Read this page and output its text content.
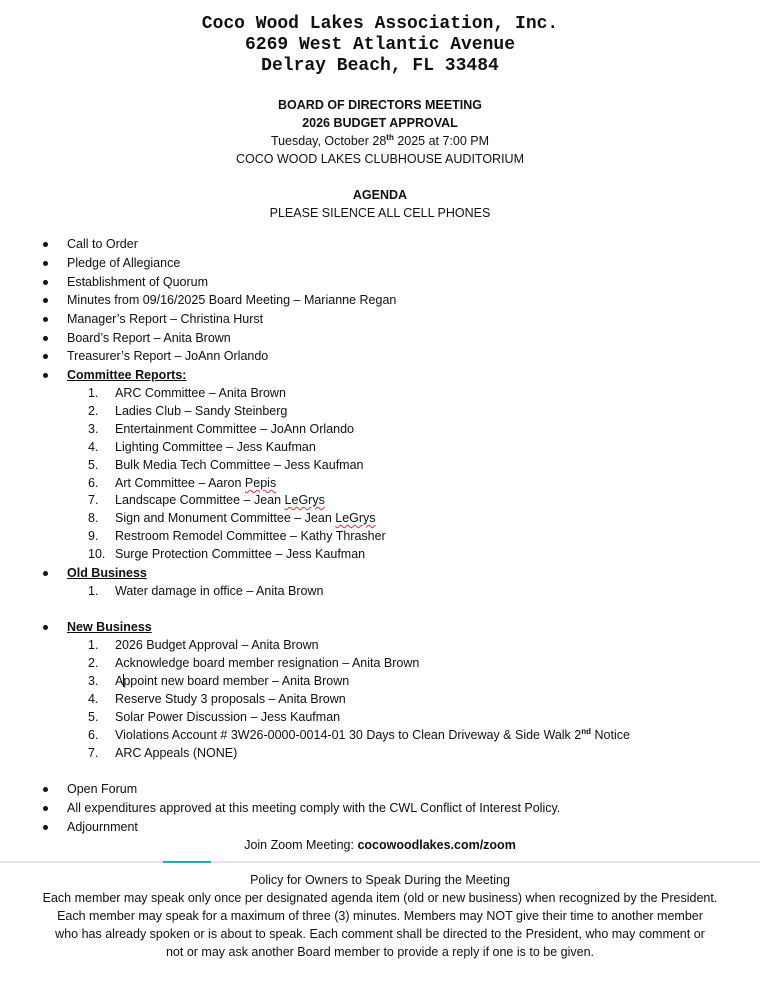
Coco Wood Lakes Association, Inc.
6269 West Atlantic Avenue
Delray Beach, FL 33484
BOARD OF DIRECTORS MEETING
2026 BUDGET APPROVAL
Tuesday, October 28th 2025 at 7:00 PM
COCO WOOD LAKES CLUBHOUSE AUDITORIUM
AGENDA
PLEASE SILENCE ALL CELL PHONES
Call to Order
Pledge of Allegiance
Establishment of Quorum
Minutes from 09/16/2025 Board Meeting – Marianne Regan
Manager’s Report – Christina Hurst
Board’s Report – Anita Brown
Treasurer’s Report – JoAnn Orlando
Committee Reports:
1.	ARC Committee – Anita Brown
2.	Ladies Club – Sandy Steinberg
3.	Entertainment Committee – JoAnn Orlando
4.	Lighting Committee – Jess Kaufman
5.	Bulk Media Tech Committee – Jess Kaufman
6.	Art Committee – Aaron Pepis
7.	Landscape Committee – Jean LeGrys
8.	Sign and Monument Committee – Jean LeGrys
9.	Restroom Remodel Committee – Kathy Thrasher
10. Surge Protection Committee – Jess Kaufman
Old Business
1.	Water damage in office – Anita Brown
New Business
1.	2026 Budget Approval – Anita Brown
2.	Acknowledge board member resignation – Anita Brown
3.	Appoint new board member – Anita Brown
4.	Reserve Study 3 proposals – Anita Brown
5.	Solar Power Discussion – Jess Kaufman
6.	Violations Account # 3W26-0000-0014-01 30 Days to Clean Driveway & Side Walk 2nd Notice
7.	ARC Appeals (NONE)
Open Forum
All expenditures approved at this meeting comply with the CWL Conflict of Interest Policy.
Adjournment
Join Zoom Meeting: cocowoodlakes.com/zoom
Policy for Owners to Speak During the Meeting
Each member may speak only once per designated agenda item (old or new business) when recognized by the President.
Each member may speak for a maximum of three (3) minutes. Members may NOT give their time to another member
who has already spoken or is about to speak. Each comment shall be directed to the President, who may comment or
not or may ask another Board member to provide a reply if one is to be given.
